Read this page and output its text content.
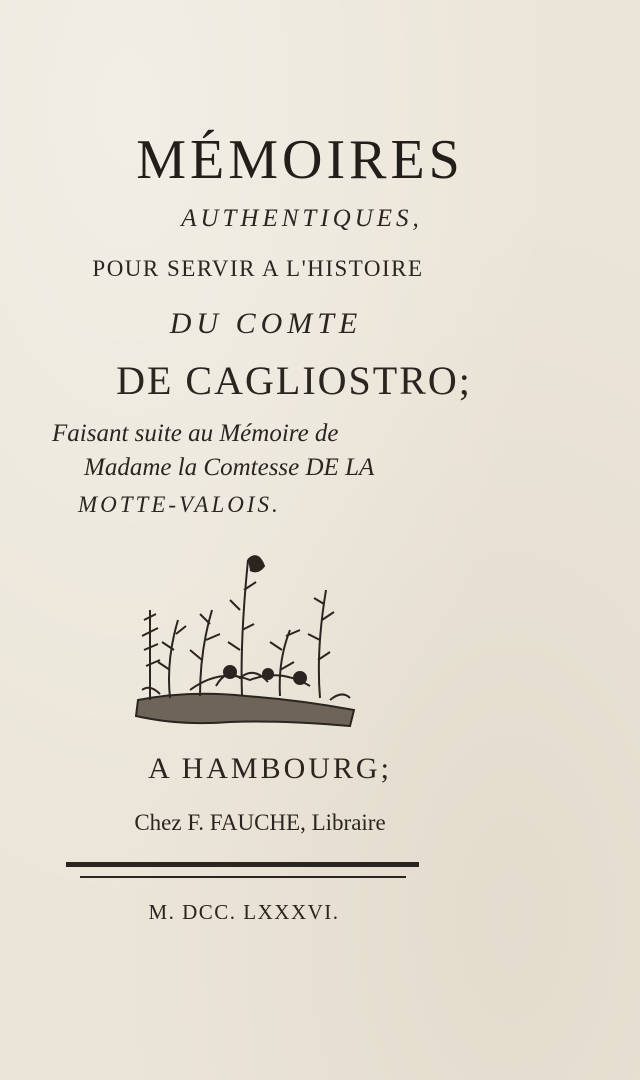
MÉMOIRES
AUTHENTIQUES,
POUR SERVIR A L'HISTOIRE
DU COMTE
DE CAGLIOSTRO;
Faisant suite au Mémoire de
Madame la Comtesse DE LA
MOTTE-VALOIS.
A HAMBOURG;
Chez F. FAUCHE, Libraire
M. DCC. LXXXVI.
